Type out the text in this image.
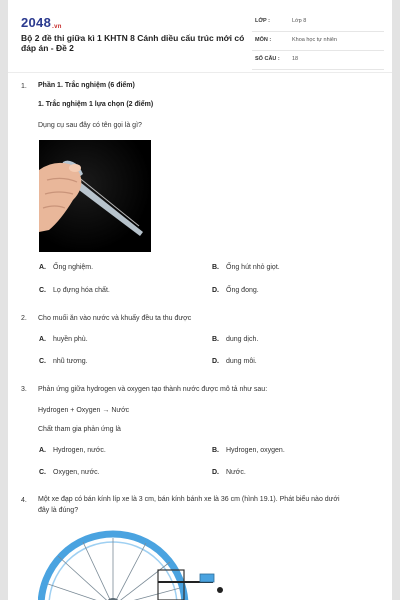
2048.vn
Bộ 2 đề thi giữa kì 1 KHTN 8 Cánh diều cấu trúc mới có đáp án - Đề 2
LỚP :	Lớp 8
MÔN :	Khoa học tự nhiên
SỐ CÂU : 18
1. Phần 1. Trắc nghiệm (6 điểm)
1. Trắc nghiệm 1 lựa chọn (2 điểm)
Dụng cụ sau đây có tên gọi là gì?
A. Ống nghiệm.	B. Ống hút nhỏ giọt.
C. Lọ đựng hóa chất.	D. Ống đong.
2. Cho muối ăn vào nước và khuấy đều ta thu được
A. huyền phù.	B. dung dịch.
C. nhũ tương.	D. dung môi.
3. Phản ứng giữa hydrogen và oxygen tạo thành nước được mô tả như sau:
Hydrogen + Oxygen → Nước
Chất tham gia phản ứng là
A. Hydrogen, nước.	B. Hydrogen, oxygen.
C. Oxygen, nước.	D. Nước.
4. Một xe đạp có bán kính líp xe là 3 cm, bán kính bánh xe là 36 cm (hình 19.1). Phát biểu nào dưới
đây là đúng?
